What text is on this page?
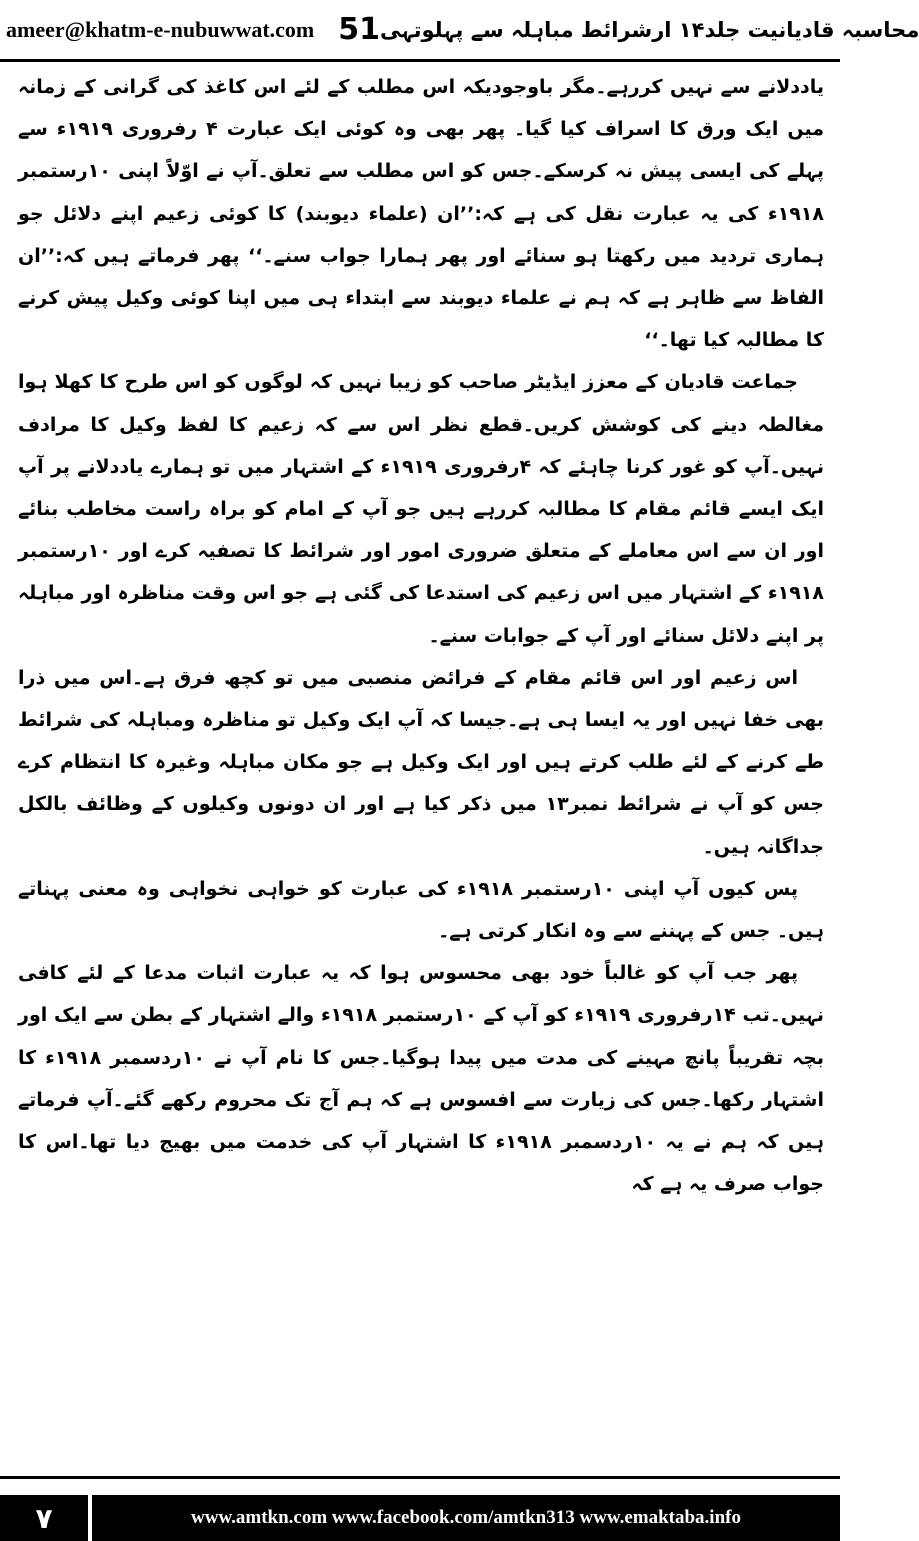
ameer@khatm-e-nubuwwat.com 51 محاسبہ قادیانیت جلد۱۴ ارشرائط مباہلہ سے پہلوتہی

یاددلانے سے نہیں کررہے۔مگر باوجودیکہ اس مطلب کے لئے اس کاغذ کی گرانی کے زمانہ میں ایک ورق کا اسراف کیا گیا۔ پھر بھی وہ کوئی ایک عبارت ۴ رفروری ۱۹۱۹ء سے پہلے کی ایسی پیش نہ کرسکے۔جس کو اس مطلب سے تعلق۔آپ نے اوّلاً اپنی ۱۰رستمبر ۱۹۱۸ء کی یہ عبارت نقل کی ہے کہ:’’ان (علماء دیوبند) کا کوئی زعیم اپنے دلائل جو ہماری تردید میں رکھتا ہو سنائے اور پھر ہمارا جواب سنے۔‘‘ پھر فرماتے ہیں کہ:’’ان الفاظ سے ظاہر ہے کہ ہم نے علماء دیوبند سے ابتداء ہی میں اپنا کوئی وکیل پیش کرنے کا مطالبہ کیا تھا۔‘‘

جماعت قادیان کے معزز ایڈیٹر صاحب کو زیبا نہیں کہ لوگوں کو اس طرح کا کھلا ہوا مغالطہ دینے کی کوشش کریں۔قطع نظر اس سے کہ زعیم کا لفظ وکیل کا مرادف نہیں۔آپ کو غور کرنا چاہئے کہ ۴رفروری ۱۹۱۹ء کے اشتہار میں تو ہمارے یاددلانے پر آپ ایک ایسے قائم مقام کا مطالبہ کررہے ہیں جو آپ کے امام کو براہ راست مخاطب بنائے اور ان سے اس معاملے کے متعلق ضروری امور اور شرائط کا تصفیہ کرے اور ۱۰رستمبر ۱۹۱۸ء کے اشتہار میں اس زعیم کی استدعا کی گئی ہے جو اس وقت مناظرہ اور مباہلہ پر اپنے دلائل سنائے اور آپ کے جوابات سنے۔

اس زعیم اور اس قائم مقام کے فرائض منصبی میں تو کچھ فرق ہے۔اس میں ذرا بھی خفا نہیں اور یہ ایسا ہی ہے۔جیسا کہ آپ ایک وکیل تو مناظرہ ومباہلہ کی شرائط طے کرنے کے لئے طلب کرتے ہیں اور ایک وکیل ہے جو مکان مباہلہ وغیرہ کا انتظام کرے جس کو آپ نے شرائط نمبر۱۳ میں ذکر کیا ہے اور ان دونوں وکیلوں کے وظائف بالکل جداگانہ ہیں۔

پس کیوں آپ اپنی ۱۰رستمبر ۱۹۱۸ء کی عبارت کو خواہی نخواہی وہ معنی پہناتے ہیں۔ جس کے پہننے سے وہ انکار کرتی ہے۔

پھر جب آپ کو غالباً خود بھی محسوس ہوا کہ یہ عبارت اثبات مدعا کے لئے کافی نہیں۔تب ۱۴رفروری ۱۹۱۹ء کو آپ کے ۱۰رستمبر ۱۹۱۸ء والے اشتہار کے بطن سے ایک اور بچہ تقریباً پانچ مہینے کی مدت میں پیدا ہوگیا۔جس کا نام آپ نے ۱۰ردسمبر ۱۹۱۸ء کا اشتہار رکھا۔جس کی زیارت سے افسوس ہے کہ ہم آج تک محروم رکھے گئے۔آپ فرماتے ہیں کہ ہم نے یہ ۱۰ردسمبر ۱۹۱۸ء کا اشتہار آپ کی خدمت میں بھیج دیا تھا۔اس کا جواب صرف یہ ہے کہ

۷	www.amtkn.com www.facebook.com/amtkn313 www.emaktaba.info
